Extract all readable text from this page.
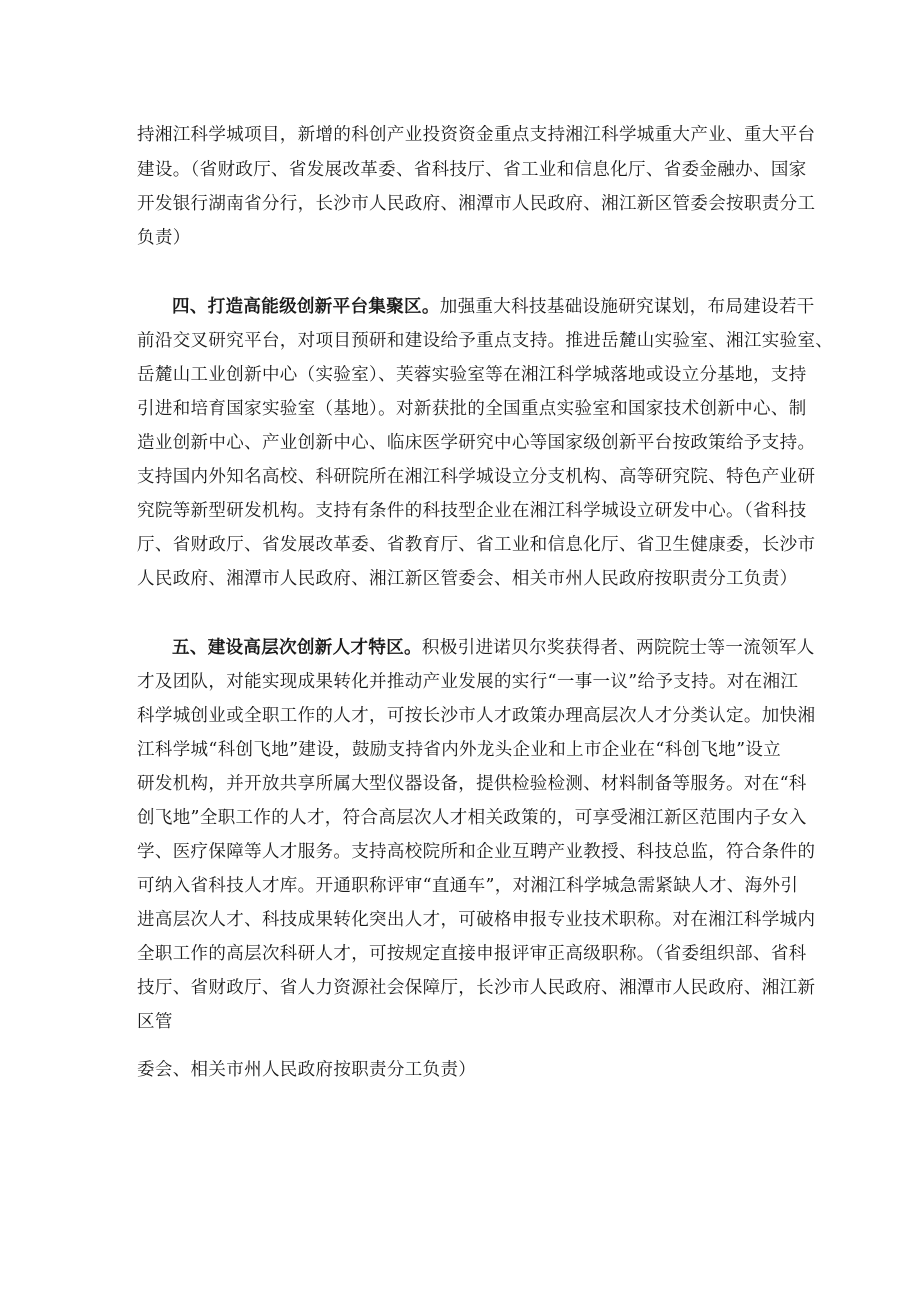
持湘江科学城项目，新增的科创产业投资资金重点支持湘江科学城重大产业、重大平台
建设。（省财政厅、省发展改革委、省科技厅、省工业和信息化厅、省委金融办、国家
开发银行湖南省分行，长沙市人民政府、湘潭市人民政府、湘江新区管委会按职责分工
负责）
四、打造高能级创新平台集聚区。加强重大科技基础设施研究谋划，布局建设若干
前沿交叉研究平台，对项目预研和建设给予重点支持。推进岳麓山实验室、湘江实验室、
岳麓山工业创新中心（实验室）、芙蓉实验室等在湘江科学城落地或设立分基地，支持
引进和培育国家实验室（基地）。对新获批的全国重点实验室和国家技术创新中心、制
造业创新中心、产业创新中心、临床医学研究中心等国家级创新平台按政策给予支持。
支持国内外知名高校、科研院所在湘江科学城设立分支机构、高等研究院、特色产业研
究院等新型研发机构。支持有条件的科技型企业在湘江科学城设立研发中心。（省科技
厅、省财政厅、省发展改革委、省教育厅、省工业和信息化厅、省卫生健康委，长沙市
人民政府、湘潭市人民政府、湘江新区管委会、相关市州人民政府按职责分工负责）
五、建设高层次创新人才特区。积极引进诺贝尔奖获得者、两院院士等一流领军人
才及团队，对能实现成果转化并推动产业发展的实行“一事一议”给予支持。对在湘江
科学城创业或全职工作的人才，可按长沙市人才政策办理高层次人才分类认定。加快湘
江科学城“科创飞地”建设，鼓励支持省内外龙头企业和上市企业在“科创飞地”设立
研发机构，并开放共享所属大型仪器设备，提供检验检测、材料制备等服务。对在“科
创飞地”全职工作的人才，符合高层次人才相关政策的，可享受湘江新区范围内子女入
学、医疗保障等人才服务。支持高校院所和企业互聘产业教授、科技总监，符合条件的
可纳入省科技人才库。开通职称评审“直通车”，对湘江科学城急需紧缺人才、海外引
进高层次人才、科技成果转化突出人才，可破格申报专业技术职称。对在湘江科学城内
全职工作的高层次科研人才，可按规定直接申报评审正高级职称。（省委组织部、省科
技厅、省财政厅、省人力资源社会保障厅，长沙市人民政府、湘潭市人民政府、湘江新
区管
委会、相关市州人民政府按职责分工负责）
